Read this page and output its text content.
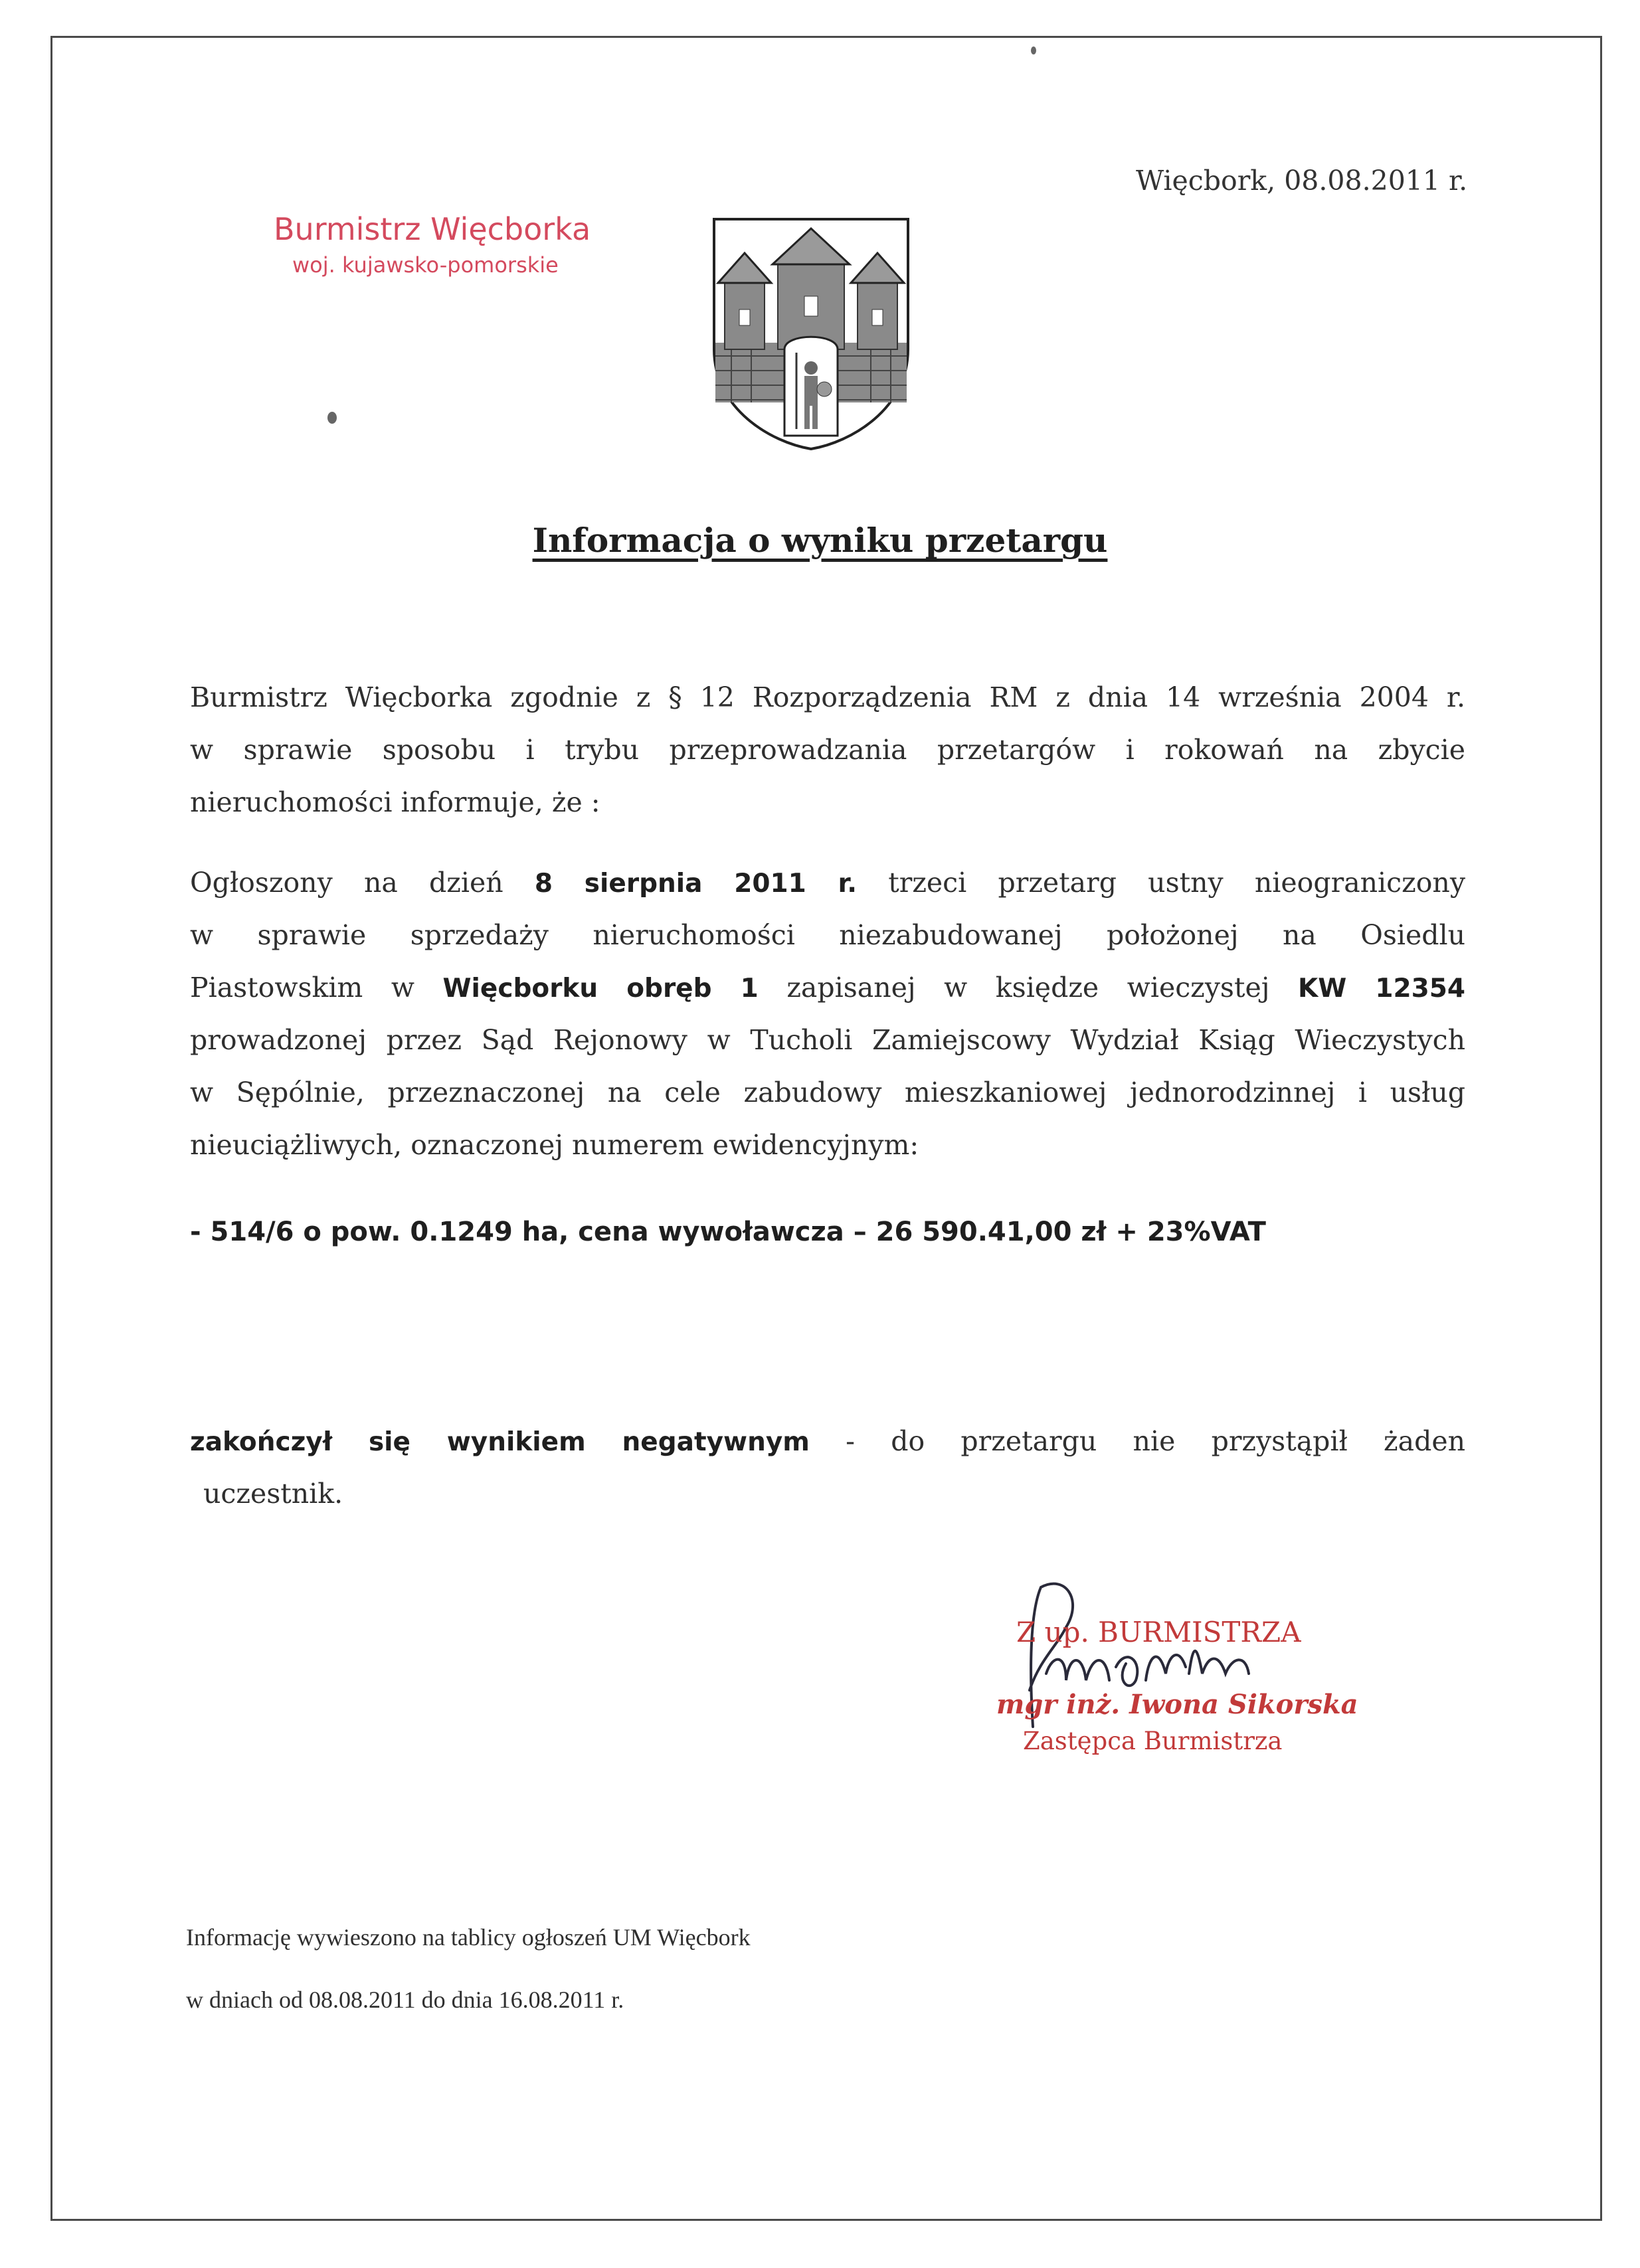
Więcbork, 08.08.2011 r.
Burmistrz Więcborka
woj. kujawsko-pomorskie
Informacja o wyniku przetargu
Burmistrz Więcborka zgodnie z § 12 Rozporządzenia RM z dnia 14 września 2004 r.
w sprawie sposobu i trybu przeprowadzania przetargów i rokowań na zbycie
nieruchomości informuje, że :
Ogłoszony na dzień 8 sierpnia 2011 r. trzeci przetarg ustny nieograniczony
w sprawie sprzedaży nieruchomości niezabudowanej położonej na Osiedlu
Piastowskim w Więcborku obręb 1 zapisanej w księdze wieczystej KW 12354
prowadzonej przez Sąd Rejonowy w Tucholi Zamiejscowy Wydział Ksiąg Wieczystych
w Sępólnie, przeznaczonej na cele zabudowy mieszkaniowej jednorodzinnej i usług
nieuciążliwych, oznaczonej numerem ewidencyjnym:
- 514/6 o pow. 0.1249 ha, cena wywoławcza – 26 590.41,00 zł + 23%VAT
zakończył się wynikiem negatywnym - do przetargu nie przystąpił żaden
uczestnik.
Z up. BURMISTRZA
mgr inż. Iwona Sikorska
Zastępca Burmistrza
Informację wywieszono na tablicy ogłoszeń UM Więcbork
w dniach od 08.08.2011 do dnia 16.08.2011 r.
